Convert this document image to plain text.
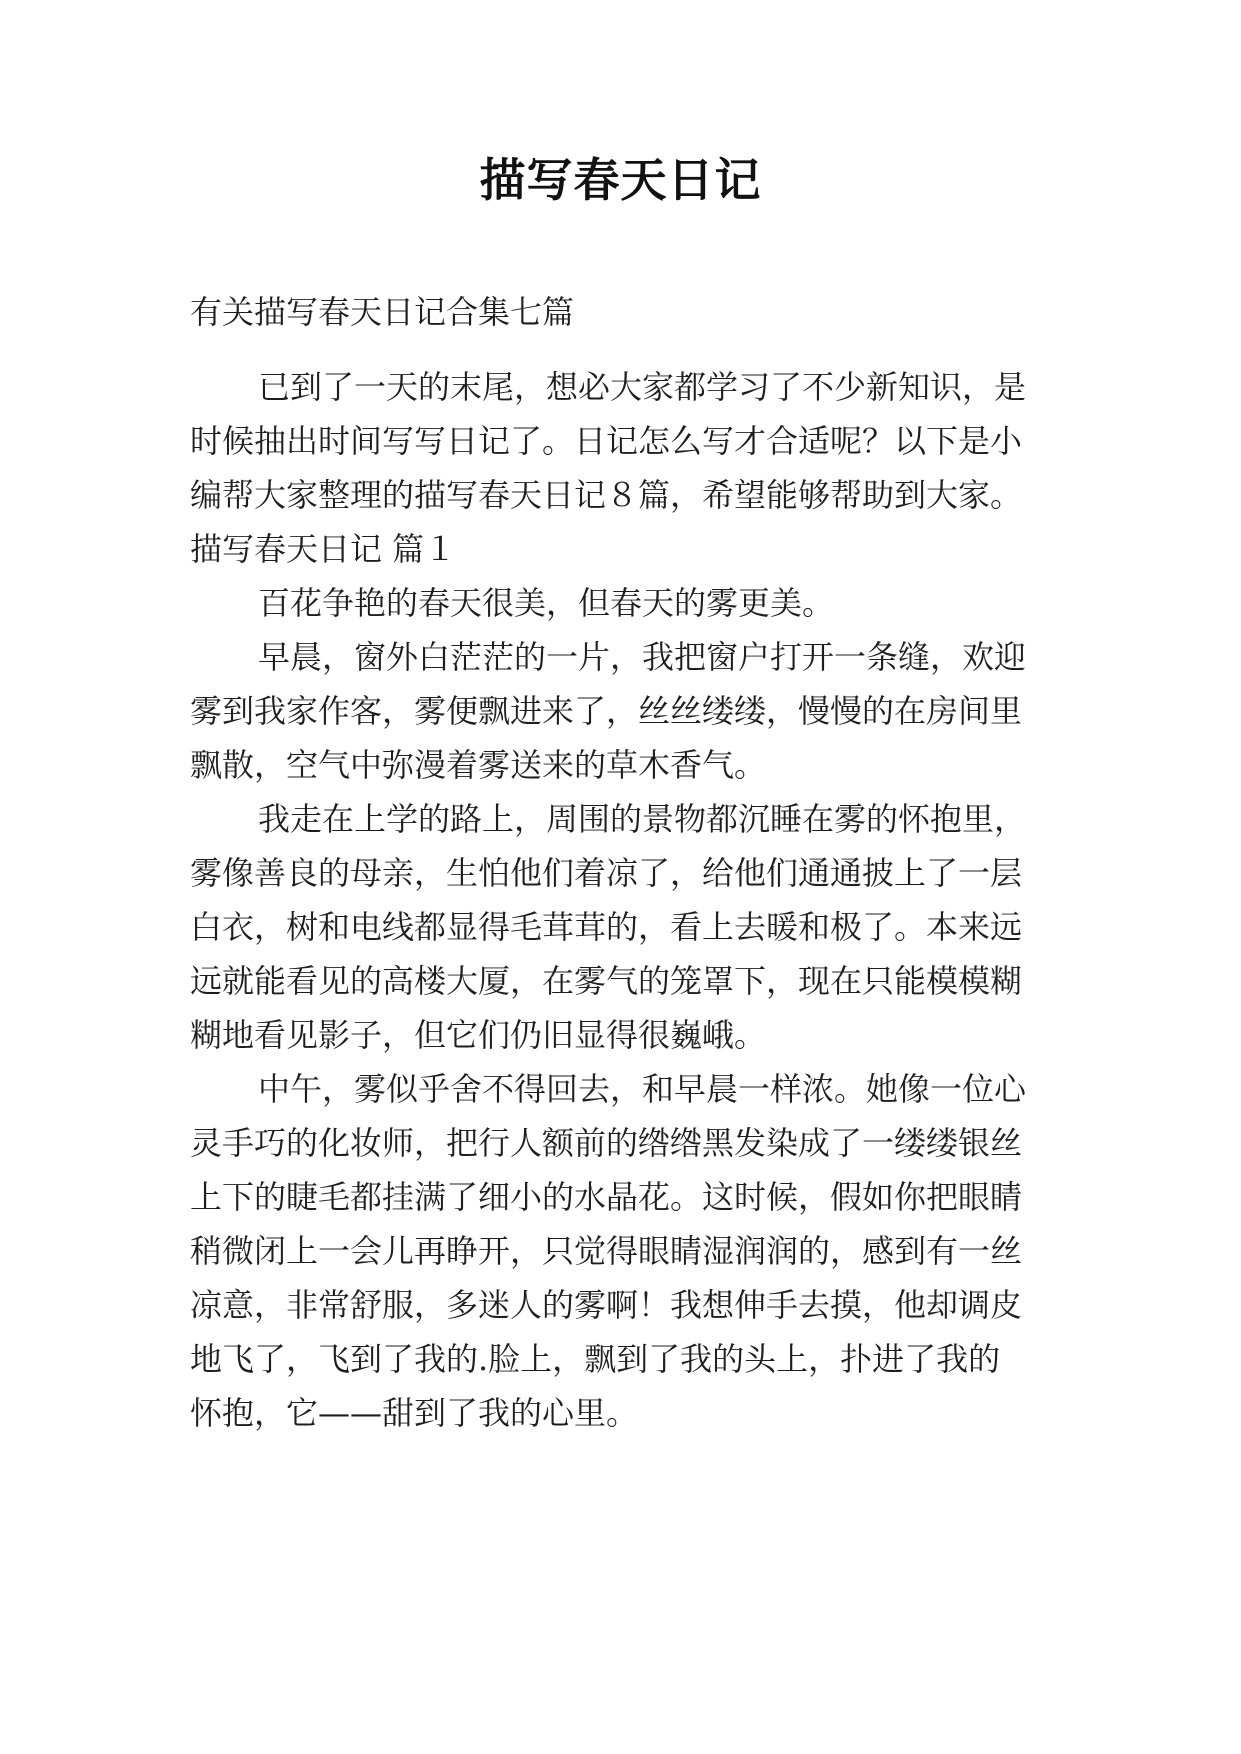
描写春天日记
有关描写春天日记合集七篇
已到了一天的末尾，想必大家都学习了不少新知识，是
时候抽出时间写写日记了。日记怎么写才合适呢？以下是小
编帮大家整理的描写春天日记８篇，希望能够帮助到大家。
描写春天日记 篇１
百花争艳的春天很美，但春天的雾更美。
早晨，窗外白茫茫的一片，我把窗户打开一条缝，欢迎
雾到我家作客，雾便飘进来了，丝丝缕缕，慢慢的在房间里
飘散，空气中弥漫着雾送来的草木香气。
我走在上学的路上，周围的景物都沉睡在雾的怀抱里，
雾像善良的母亲，生怕他们着凉了，给他们通通披上了一层
白衣，树和电线都显得毛茸茸的，看上去暖和极了。本来远
远就能看见的高楼大厦，在雾气的笼罩下，现在只能模模糊
糊地看见影子，但它们仍旧显得很巍峨。
中午，雾似乎舍不得回去，和早晨一样浓。她像一位心
灵手巧的化妆师，把行人额前的绺绺黑发染成了一缕缕银丝
上下的睫毛都挂满了细小的水晶花。这时候，假如你把眼睛
稍微闭上一会儿再睁开，只觉得眼睛湿润润的，感到有一丝
凉意，非常舒服，多迷人的雾啊！我想伸手去摸，他却调皮
地飞了，飞到了我的.脸上，飘到了我的头上，扑进了我的
怀抱，它——甜到了我的心里。
